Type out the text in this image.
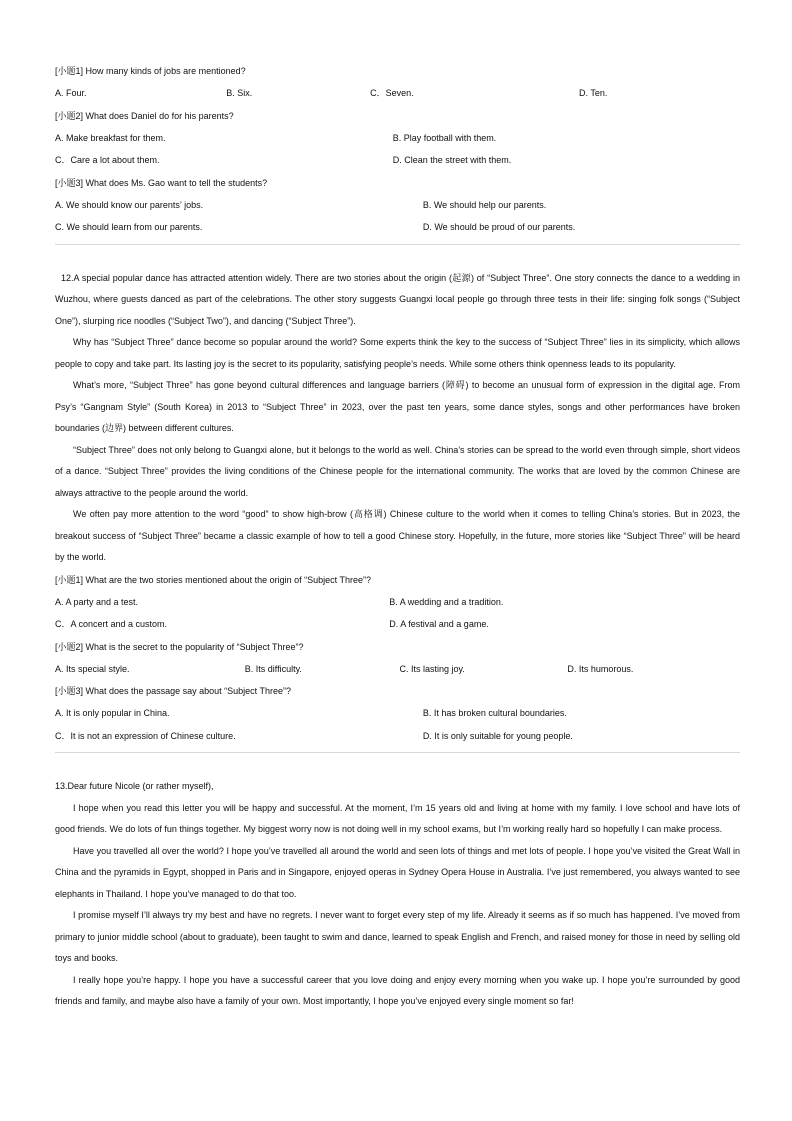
[小题1] How many kinds of jobs are mentioned?
A. Four.	B. Six.	C．Seven.	D. Ten.
[小题2] What does Daniel do for his parents?
A. Make breakfast for them.	B. Play football with them.
C．Care a lot about them.	D. Clean the street with them.
[小题3] What does Ms. Gao want to tell the students?
A. We should know our parents’ jobs.	B. We should help our parents.
C. We should learn from our parents.	D. We should be proud of our parents.

12.A special popular dance has attracted attention widely. There are two stories about the origin (起源) of “Subject Three”. One story connects the dance to a wedding in Wuzhou, where guests danced as part of the celebrations. The other story suggests Guangxi local people go through three tests in their life: singing folk songs (“Subject One”), slurping rice noodles (“Subject Two”), and dancing (“Subject Three”).

Why has “Subject Three” dance become so popular around the world? Some experts think the key to the success of “Subject Three” lies in its simplicity, which allows people to copy and take part. Its lasting joy is the secret to its popularity, satisfying people’s needs. While some others think openness leads to its popularity.

What’s more, “Subject Three” has gone beyond cultural differences and language barriers (障碍) to become an unusual form of expression in the digital age. From Psy’s “Gangnam Style” (South Korea) in 2013 to “Subject Three” in 2023, over the past ten years, some dance styles, songs and other performances have broken boundaries (边界) between different cultures.

“Subject Three” does not only belong to Guangxi alone, but it belongs to the world as well. China’s stories can be spread to the world even through simple, short videos of a dance. “Subject Three” provides the living conditions of the Chinese people for the international community. The works that are loved by the common Chinese are always attractive to the people around the world.

We often pay more attention to the word “good” to show high-brow (高格调) Chinese culture to the world when it comes to telling China’s stories. But in 2023, the breakout success of “Subject Three” became a classic example of how to tell a good Chinese story. Hopefully, in the future, more stories like “Subject Three” will be heard by the world.

[小题1] What are the two stories mentioned about the origin of “Subject Three”?
A. A party and a test.	B. A wedding and a tradition.
C．A concert and a custom.	D. A festival and a game.
[小题2] What is the secret to the popularity of “Subject Three”?
A. Its special style.	B. Its difficulty.	C. Its lasting joy.	D. Its humorous.
[小题3] What does the passage say about “Subject Three”?
A. It is only popular in China.	B. It has broken cultural boundaries.
C．It is not an expression of Chinese culture.	D. It is only suitable for young people.

13.Dear future Nicole (or rather myself),

I hope when you read this letter you will be happy and successful. At the moment, I’m 15 years old and living at home with my family. I love school and have lots of good friends. We do lots of fun things together. My biggest worry now is not doing well in my school exams, but I’m working really hard so hopefully I can make process.

Have you travelled all over the world? I hope you’ve travelled all around the world and seen lots of things and met lots of people. I hope you’ve visited the Great Wall in China and the pyramids in Egypt, shopped in Paris and in Singapore, enjoyed operas in Sydney Opera House in Australia. I’ve just remembered, you always wanted to see elephants in Thailand. I hope you’ve managed to do that too.

I promise myself I’ll always try my best and have no regrets. I never want to forget every step of my life. Already it seems as if so much has happened. I’ve moved from primary to junior middle school (about to graduate), been taught to swim and dance, learned to speak English and French, and raised money for those in need by selling old toys and books.

I really hope you’re happy. I hope you have a successful career that you love doing and enjoy every morning when you wake up. I hope you’re surrounded by good friends and family, and maybe also have a family of your own. Most importantly, I hope you’ve enjoyed every single moment so far!
